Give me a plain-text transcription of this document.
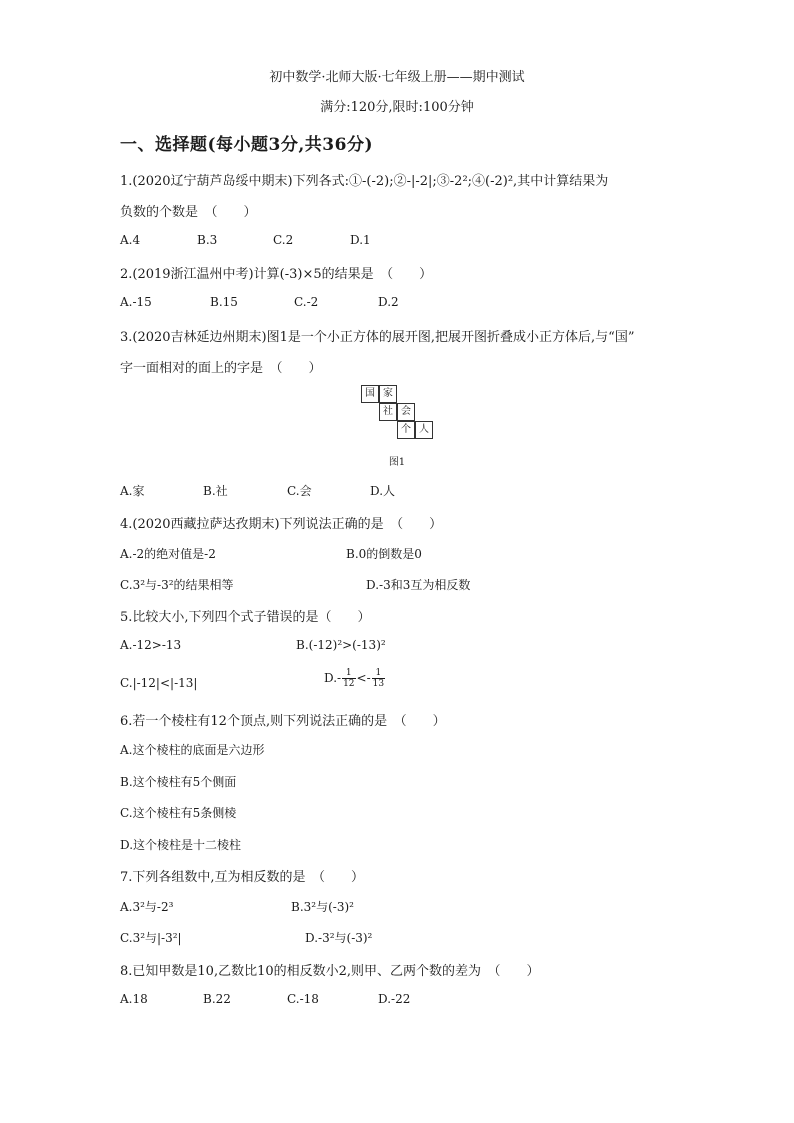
初中数学·北师大版·七年级上册——期中测试
满分:120分,限时:100分钟
一、选择题(每小题3分,共36分)
1.(2020辽宁葫芦岛绥中期末)下列各式:①-(-2);②-|-2|;③-2²;④(-2)²,其中计算结果为
负数的个数是　（　　）
A.4	B.3	C.2	D.1
2.(2019浙江温州中考)计算(-3)×5的结果是　（　　）
A.-15	B.15	C.-2	D.2
3.(2020吉林延边州期末)图1是一个小正方体的展开图,把展开图折叠成小正方体后,与“国”
字一面相对的面上的字是　（　　）
国 家
社 会
个 人
图1
A.家	B.社	C.会	D.人
4.(2020西藏拉萨达孜期末)下列说法正确的是　（　　）
A.-2的绝对值是-2	B.0的倒数是0
C.3²与-3²的结果相等	D.-3和3互为相反数
5.比较大小,下列四个式子错误的是（　　）
A.-12>-13	B.(-12)²>(-13)²
C.|-12|<|-13|	$D.- \frac{1}{12} <- \frac{1}{13}$
6.若一个棱柱有12个顶点,则下列说法正确的是　（　　）
A.这个棱柱的底面是六边形
B.这个棱柱有5个侧面
C.这个棱柱有5条侧棱
D.这个棱柱是十二棱柱
7.下列各组数中,互为相反数的是　（　　）
A.3²与-2³	B.3²与(-3)²
C.3²与|-3²|	D.-3²与(-3)²
8.已知甲数是10,乙数比10的相反数小2,则甲、乙两个数的差为　（　　）
A.18	B.22	C.-18	D.-22
